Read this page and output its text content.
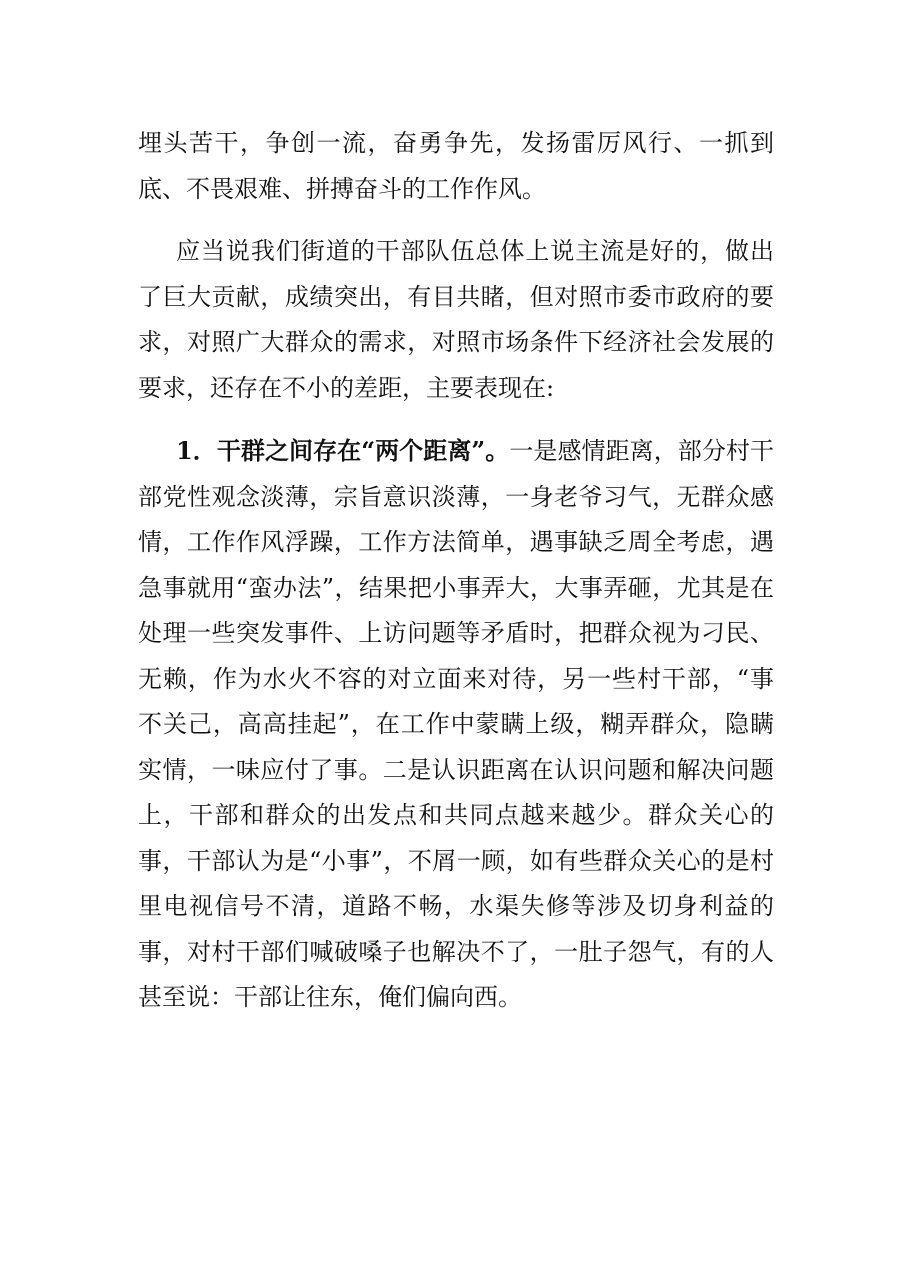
埋头苦干，争创一流，奋勇争先，发扬雷厉风行、一抓到底、不畏艰难、拼搏奋斗的工作作风。

应当说我们街道的干部队伍总体上说主流是好的，做出了巨大贡献，成绩突出，有目共睹，但对照市委市政府的要求，对照广大群众的需求，对照市场条件下经济社会发展的要求，还存在不小的差距，主要表现在:

1．干群之间存在“两个距离”。一是感情距离，部分村干部党性观念淡薄，宗旨意识淡薄，一身老爷习气，无群众感情，工作作风浮躁，工作方法简单，遇事缺乏周全考虑，遇急事就用“蛮办法”，结果把小事弄大，大事弄砸，尤其是在处理一些突发事件、上访问题等矛盾时，把群众视为刁民、无赖，作为水火不容的对立面来对待，另一些村干部，“事不关己，高高挂起”，在工作中蒙瞒上级，糊弄群众，隐瞒实情，一味应付了事。二是认识距离在认识问题和解决问题上，干部和群众的出发点和共同点越来越少。群众关心的事，干部认为是“小事”，不屑一顾，如有些群众关心的是村里电视信号不清，道路不畅，水渠失修等涉及切身利益的事，对村干部们喊破嗓子也解决不了，一肚子怨气，有的人甚至说：干部让往东，俺们偏向西。
